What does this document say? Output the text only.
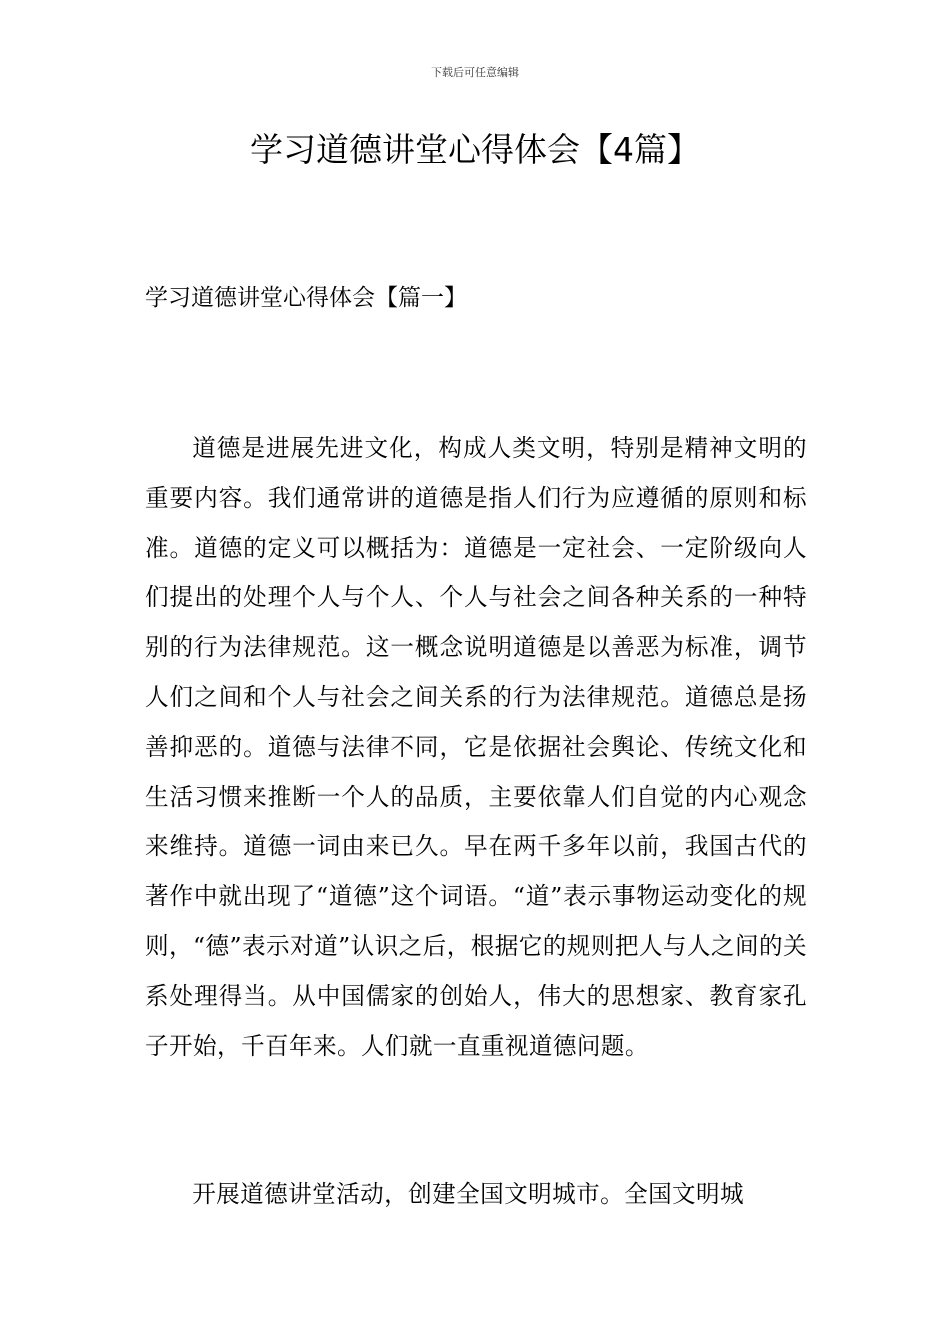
下载后可任意编辑
学习道德讲堂心得体会【4篇】
学习道德讲堂心得体会【篇一】

道德是进展先进文化，构成人类文明，特别是精神文明的重要内容。我们通常讲的道德是指人们行为应遵循的原则和标准。道德的定义可以概括为：道德是一定社会、一定阶级向人们提出的处理个人与个人、个人与社会之间各种关系的一种特别的行为法律规范。这一概念说明道德是以善恶为标准，调节人们之间和个人与社会之间关系的行为法律规范。道德总是扬善抑恶的。道德与法律不同，它是依据社会舆论、传统文化和生活习惯来推断一个人的品质，主要依靠人们自觉的内心观念来维持。道德一词由来已久。早在两千多年以前，我国古代的著作中就出现了“道德”这个词语。“道”表示事物运动变化的规则，“德”表示对道”认识之后，根据它的规则把人与人之间的关系处理得当。从中国儒家的创始人，伟大的思想家、教育家孔子开始，千百年来。人们就一直重视道德问题。

开展道德讲堂活动，创建全国文明城市。全国文明城
